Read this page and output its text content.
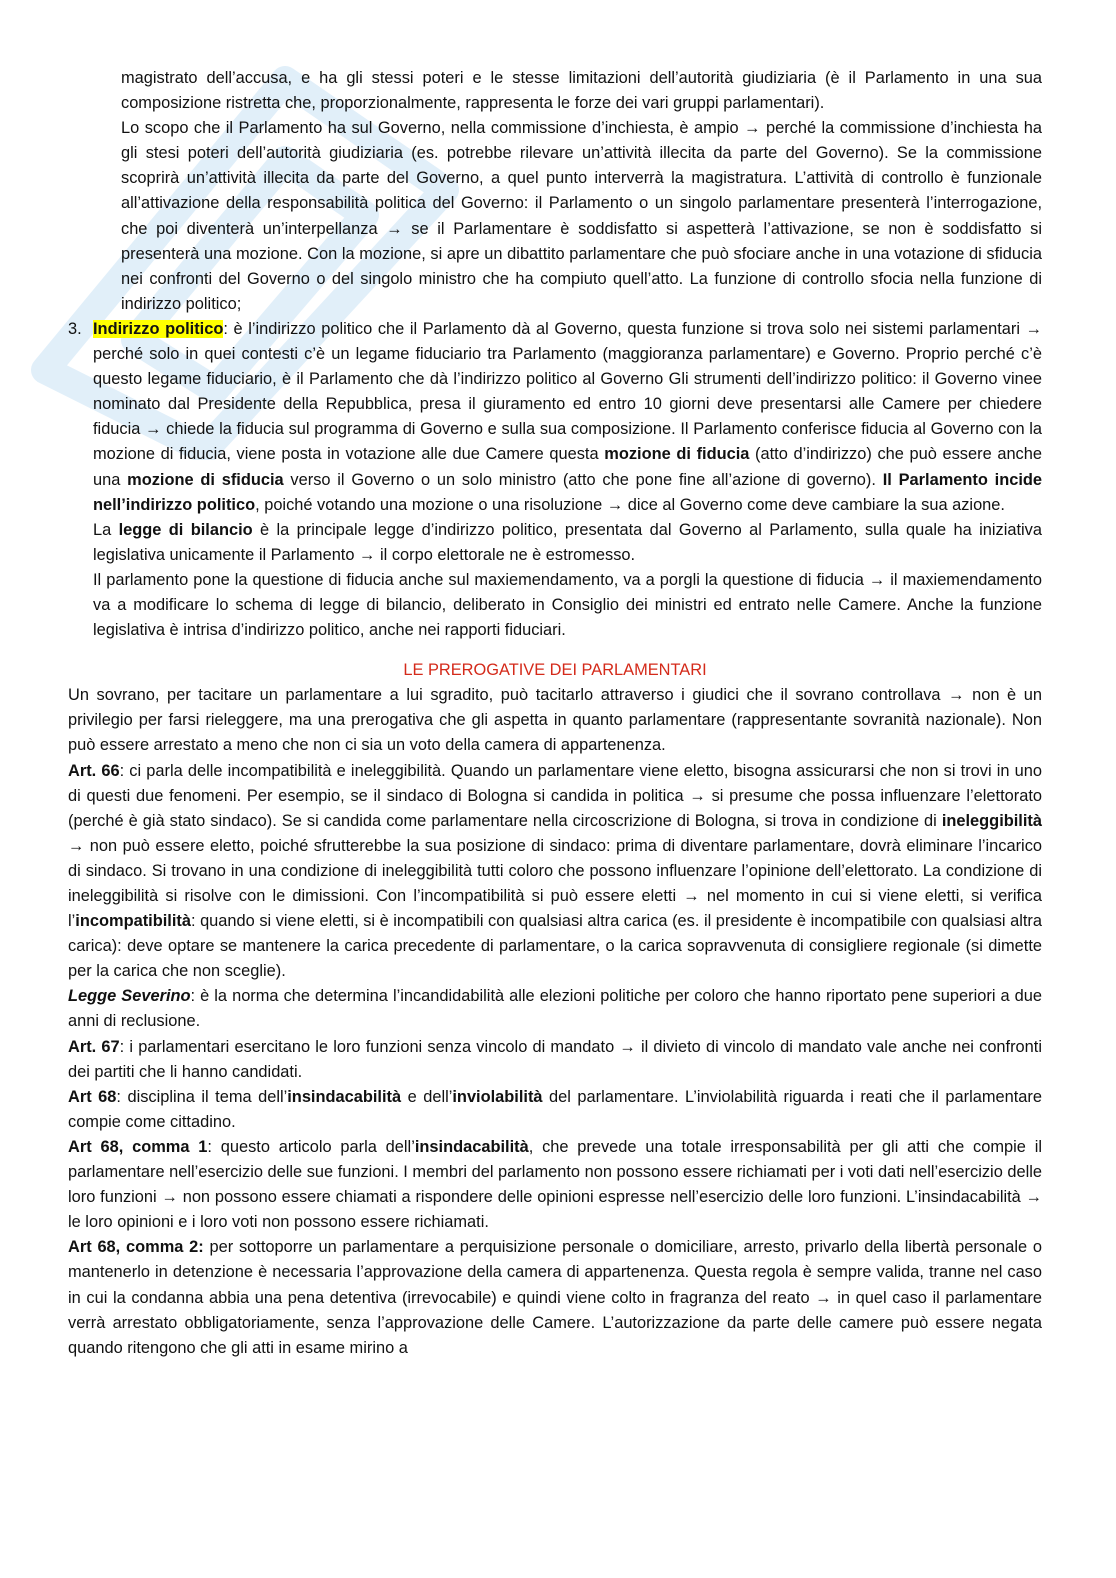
magistrato dell’accusa, e ha gli stessi poteri e le stesse limitazioni dell’autorità giudiziaria (è il Parlamento in una sua composizione ristretta che, proporzionalmente, rappresenta le forze dei vari gruppi parlamentari).

Lo scopo che il Parlamento ha sul Governo, nella commissione d’inchiesta, è ampio → perché la commissione d’inchiesta ha gli stesi poteri dell’autorità giudiziaria (es. potrebbe rilevare un’attività illecita da parte del Governo). Se la commissione scoprirà un’attività illecita da parte del Governo, a quel punto interverrà la magistratura. L’attività di controllo è funzionale all’attivazione della responsabilità politica del Governo: il Parlamento o un singolo parlamentare presenterà l’interrogazione, che poi diventerà un’interpellanza → se il Parlamentare è soddisfatto si aspetterà l’attivazione, se non è soddisfatto si presenterà una mozione. Con la mozione, si apre un dibattito parlamentare che può sfociare anche in una votazione di sfiducia nei confronti del Governo o del singolo ministro che ha compiuto quell’atto. La funzione di controllo sfocia nella funzione di indirizzo politico;

3. Indirizzo politico: è l’indirizzo politico che il Parlamento dà al Governo, questa funzione si trova solo nei sistemi parlamentari → perché solo in quei contesti c’è un legame fiduciario tra Parlamento (maggioranza parlamentare) e Governo. Proprio perché c’è questo legame fiduciario, è il Parlamento che dà l’indirizzo politico al Governo Gli strumenti dell’indirizzo politico: il Governo vinee nominato dal Presidente della Repubblica, presa il giuramento ed entro 10 giorni deve presentarsi alle Camere per chiedere fiducia → chiede la fiducia sul programma di Governo e sulla sua composizione. Il Parlamento conferisce fiducia al Governo con la mozione di fiducia, viene posta in votazione alle due Camere questa mozione di fiducia (atto d’indirizzo) che può essere anche una mozione di sfiducia verso il Governo o un solo ministro (atto che pone fine all’azione di governo). Il Parlamento incide nell’indirizzo politico, poiché votando una mozione o una risoluzione → dice al Governo come deve cambiare la sua azione.

La legge di bilancio è la principale legge d’indirizzo politico, presentata dal Governo al Parlamento, sulla quale ha iniziativa legislativa unicamente il Parlamento → il corpo elettorale ne è estromesso.

Il parlamento pone la questione di fiducia anche sul maxiemendamento, va a porgli la questione di fiducia → il maxiemendamento va a modificare lo schema di legge di bilancio, deliberato in Consiglio dei ministri ed entrato nelle Camere. Anche la funzione legislativa è intrisa d’indirizzo politico, anche nei rapporti fiduciari.

LE PREROGATIVE DEI PARLAMENTARI

Un sovrano, per tacitare un parlamentare a lui sgradito, può tacitarlo attraverso i giudici che il sovrano controllava → non è un privilegio per farsi rieleggere, ma una prerogativa che gli aspetta in quanto parlamentare (rappresentante sovranità nazionale). Non può essere arrestato a meno che non ci sia un voto della camera di appartenenza.

Art. 66: ci parla delle incompatibilità e ineleggibilità. Quando un parlamentare viene eletto, bisogna assicurarsi che non si trovi in uno di questi due fenomeni. Per esempio, se il sindaco di Bologna si candida in politica → si presume che possa influenzare l’elettorato (perché è già stato sindaco). Se si candida come parlamentare nella circoscrizione di Bologna, si trova in condizione di ineleggibilità → non può essere eletto, poiché sfrutterebbe la sua posizione di sindaco: prima di diventare parlamentare, dovrà eliminare l’incarico di sindaco. Si trovano in una condizione di ineleggibilità tutti coloro che possono influenzare l’opinione dell’elettorato. La condizione di ineleggibilità si risolve con le dimissioni. Con l’incompatibilità si può essere eletti → nel momento in cui si viene eletti, si verifica l’incompatibilità: quando si viene eletti, si è incompatibili con qualsiasi altra carica (es. il presidente è incompatibile con qualsiasi altra carica): deve optare se mantenere la carica precedente di parlamentare, o la carica sopravvenuta di consigliere regionale (si dimette per la carica che non sceglie).

Legge Severino: è la norma che determina l’incandidabilità alle elezioni politiche per coloro che hanno riportato pene superiori a due anni di reclusione.

Art. 67: i parlamentari esercitano le loro funzioni senza vincolo di mandato → il divieto di vincolo di mandato vale anche nei confronti dei partiti che li hanno candidati.

Art 68: disciplina il tema dell’insindacabilità e dell’inviolabilità del parlamentare. L’inviolabilità riguarda i reati che il parlamentare compie come cittadino.

Art 68, comma 1: questo articolo parla dell’insindacabilità, che prevede una totale irresponsabilità per gli atti che compie il parlamentare nell’esercizio delle sue funzioni. I membri del parlamento non possono essere richiamati per i voti dati nell’esercizio delle loro funzioni → non possono essere chiamati a rispondere delle opinioni espresse nell’esercizio delle loro funzioni. L’insindacabilità → le loro opinioni e i loro voti non possono essere richiamati.

Art 68, comma 2: per sottoporre un parlamentare a perquisizione personale o domiciliare, arresto, privarlo della libertà personale o mantenerlo in detenzione è necessaria l’approvazione della camera di appartenenza. Questa regola è sempre valida, tranne nel caso in cui la condanna abbia una pena detentiva (irrevocabile) e quindi viene colto in fragranza del reato → in quel caso il parlamentare verrà arrestato obbligatoriamente, senza l’approvazione delle Camere. L’autorizzazione da parte delle camere può essere negata quando ritengono che gli atti in esame mirino a
